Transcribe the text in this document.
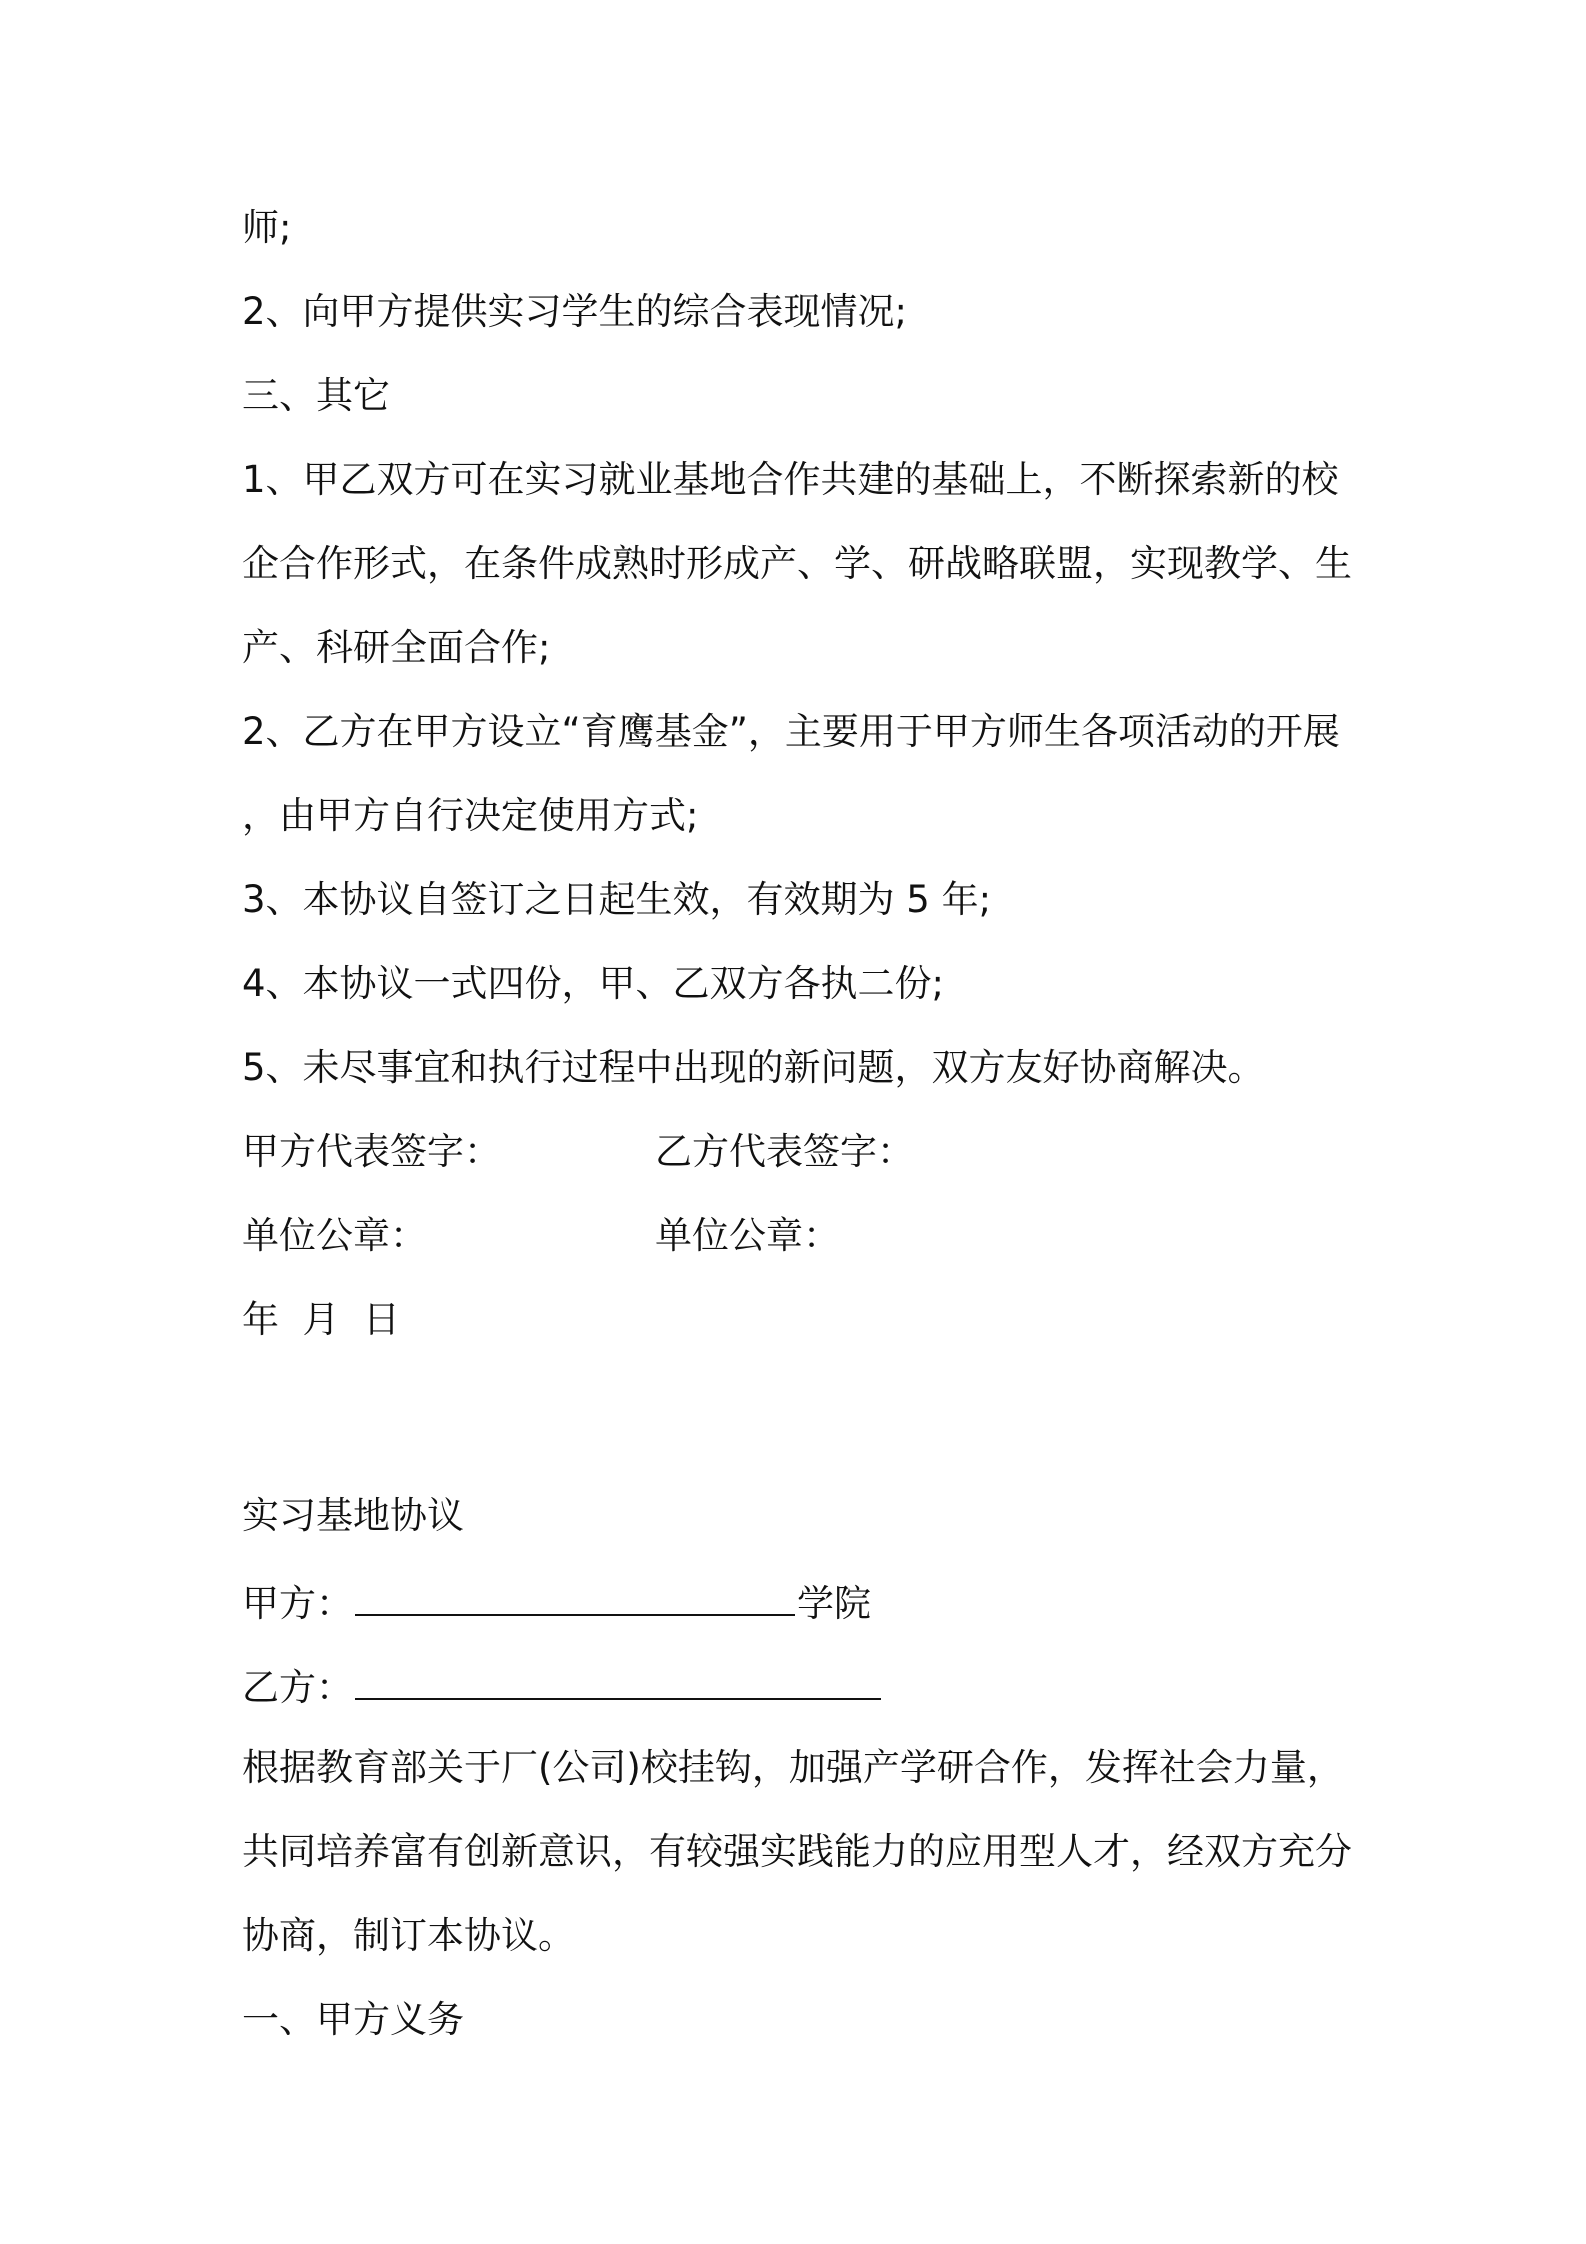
师;
2、向甲方提供实习学生的综合表现情况;
三、其它
1、甲乙双方可在实习就业基地合作共建的基础上，不断探索新的校
企合作形式，在条件成熟时形成产、学、研战略联盟，实现教学、生
产、科研全面合作;
2、乙方在甲方设立“育鹰基金”，主要用于甲方师生各项活动的开展
，由甲方自行决定使用方式;
3、本协议自签订之日起生效，有效期为 5 年;
4、本协议一式四份，甲、乙双方各执二份;
5、未尽事宜和执行过程中出现的新问题，双方友好协商解决。
甲方代表签字：	乙方代表签字：
单位公章：	单位公章：
年  月  日
实习基地协议
甲方：	学院
乙方：
根据教育部关于厂(公司)校挂钩，加强产学研合作，发挥社会力量，
共同培养富有创新意识，有较强实践能力的应用型人才，经双方充分
协商，制订本协议。
一、甲方义务
